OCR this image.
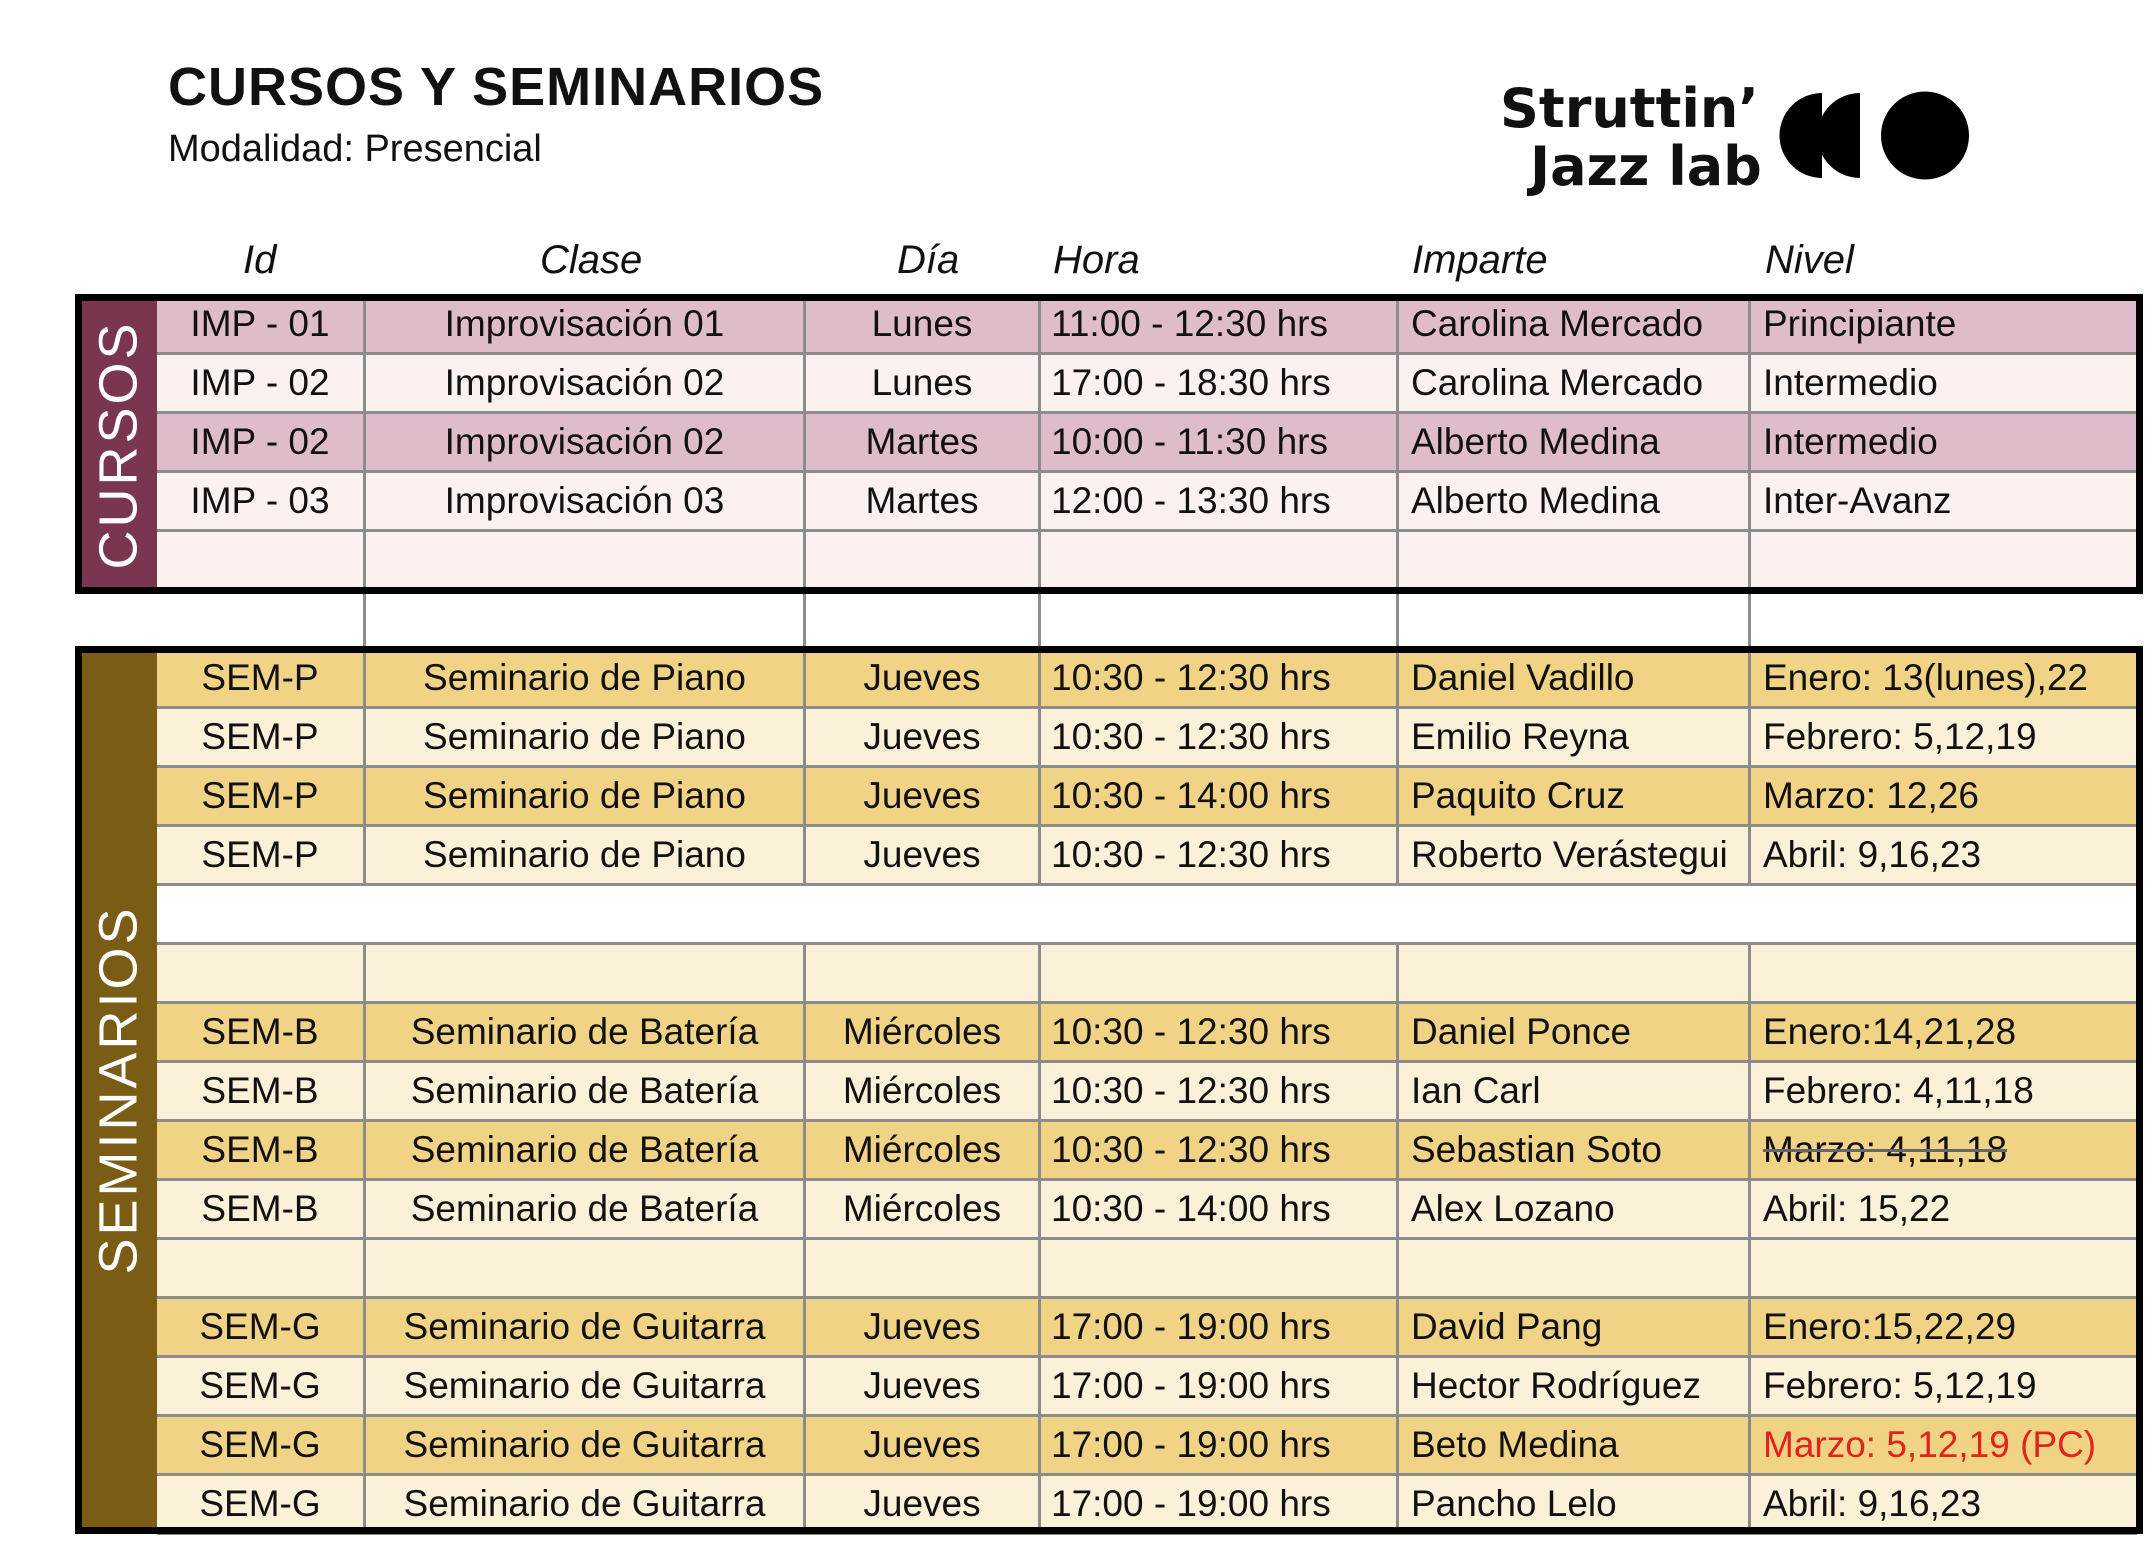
CURSOS Y SEMINARIOS
Modalidad: Presencial
Struttin’
Jazz lab
Id	Clase	Día Hora	Imparte	Nivel
CURSOS
SEMINARIOS
IMP - 01	Improvisación 01	Lunes	11:00 - 12:30 hrs	Carolina Mercado	Principiante
IMP - 02	Improvisación 02	Lunes	17:00 - 18:30 hrs	Carolina Mercado	Intermedio
IMP - 02	Improvisación 02	Martes	10:00 - 11:30 hrs	Alberto Medina	Intermedio
IMP - 03	Improvisación 03	Martes	12:00 - 13:30 hrs	Alberto Medina	Inter-Avanz
SEM-P	Seminario de Piano	Jueves	10:30 - 12:30 hrs	Daniel Vadillo	Enero: 13(lunes),22
SEM-P	Seminario de Piano	Jueves	10:30 - 12:30 hrs	Emilio Reyna	Febrero: 5,12,19
SEM-P	Seminario de Piano	Jueves	10:30 - 14:00 hrs	Paquito Cruz	Marzo: 12,26
SEM-P	Seminario de Piano	Jueves	10:30 - 12:30 hrs	Roberto Verástegui Abril: 9,16,23
SEM-B	Seminario de Batería	Miércoles	10:30 - 12:30 hrs	Daniel Ponce	Enero:14,21,28
SEM-B	Seminario de Batería	Miércoles	10:30 - 12:30 hrs	Ian Carl	Febrero: 4,11,18
SEM-B	Seminario de Batería	Miércoles	10:30 - 12:30 hrs	Sebastian Soto	Marzo: 4,11,18
SEM-B	Seminario de Batería	Miércoles	10:30 - 14:00 hrs	Alex Lozano	Abril: 15,22
SEM-G	Seminario de Guitarra	Jueves	17:00 - 19:00 hrs	David Pang	Enero:15,22,29
SEM-G	Seminario de Guitarra	Jueves	17:00 - 19:00 hrs	Hector Rodríguez	Febrero: 5,12,19
SEM-G	Seminario de Guitarra	Jueves	17:00 - 19:00 hrs	Beto Medina	Marzo: 5,12,19 (PC)
SEM-G	Seminario de Guitarra	Jueves	17:00 - 19:00 hrs	Pancho Lelo	Abril: 9,16,23
